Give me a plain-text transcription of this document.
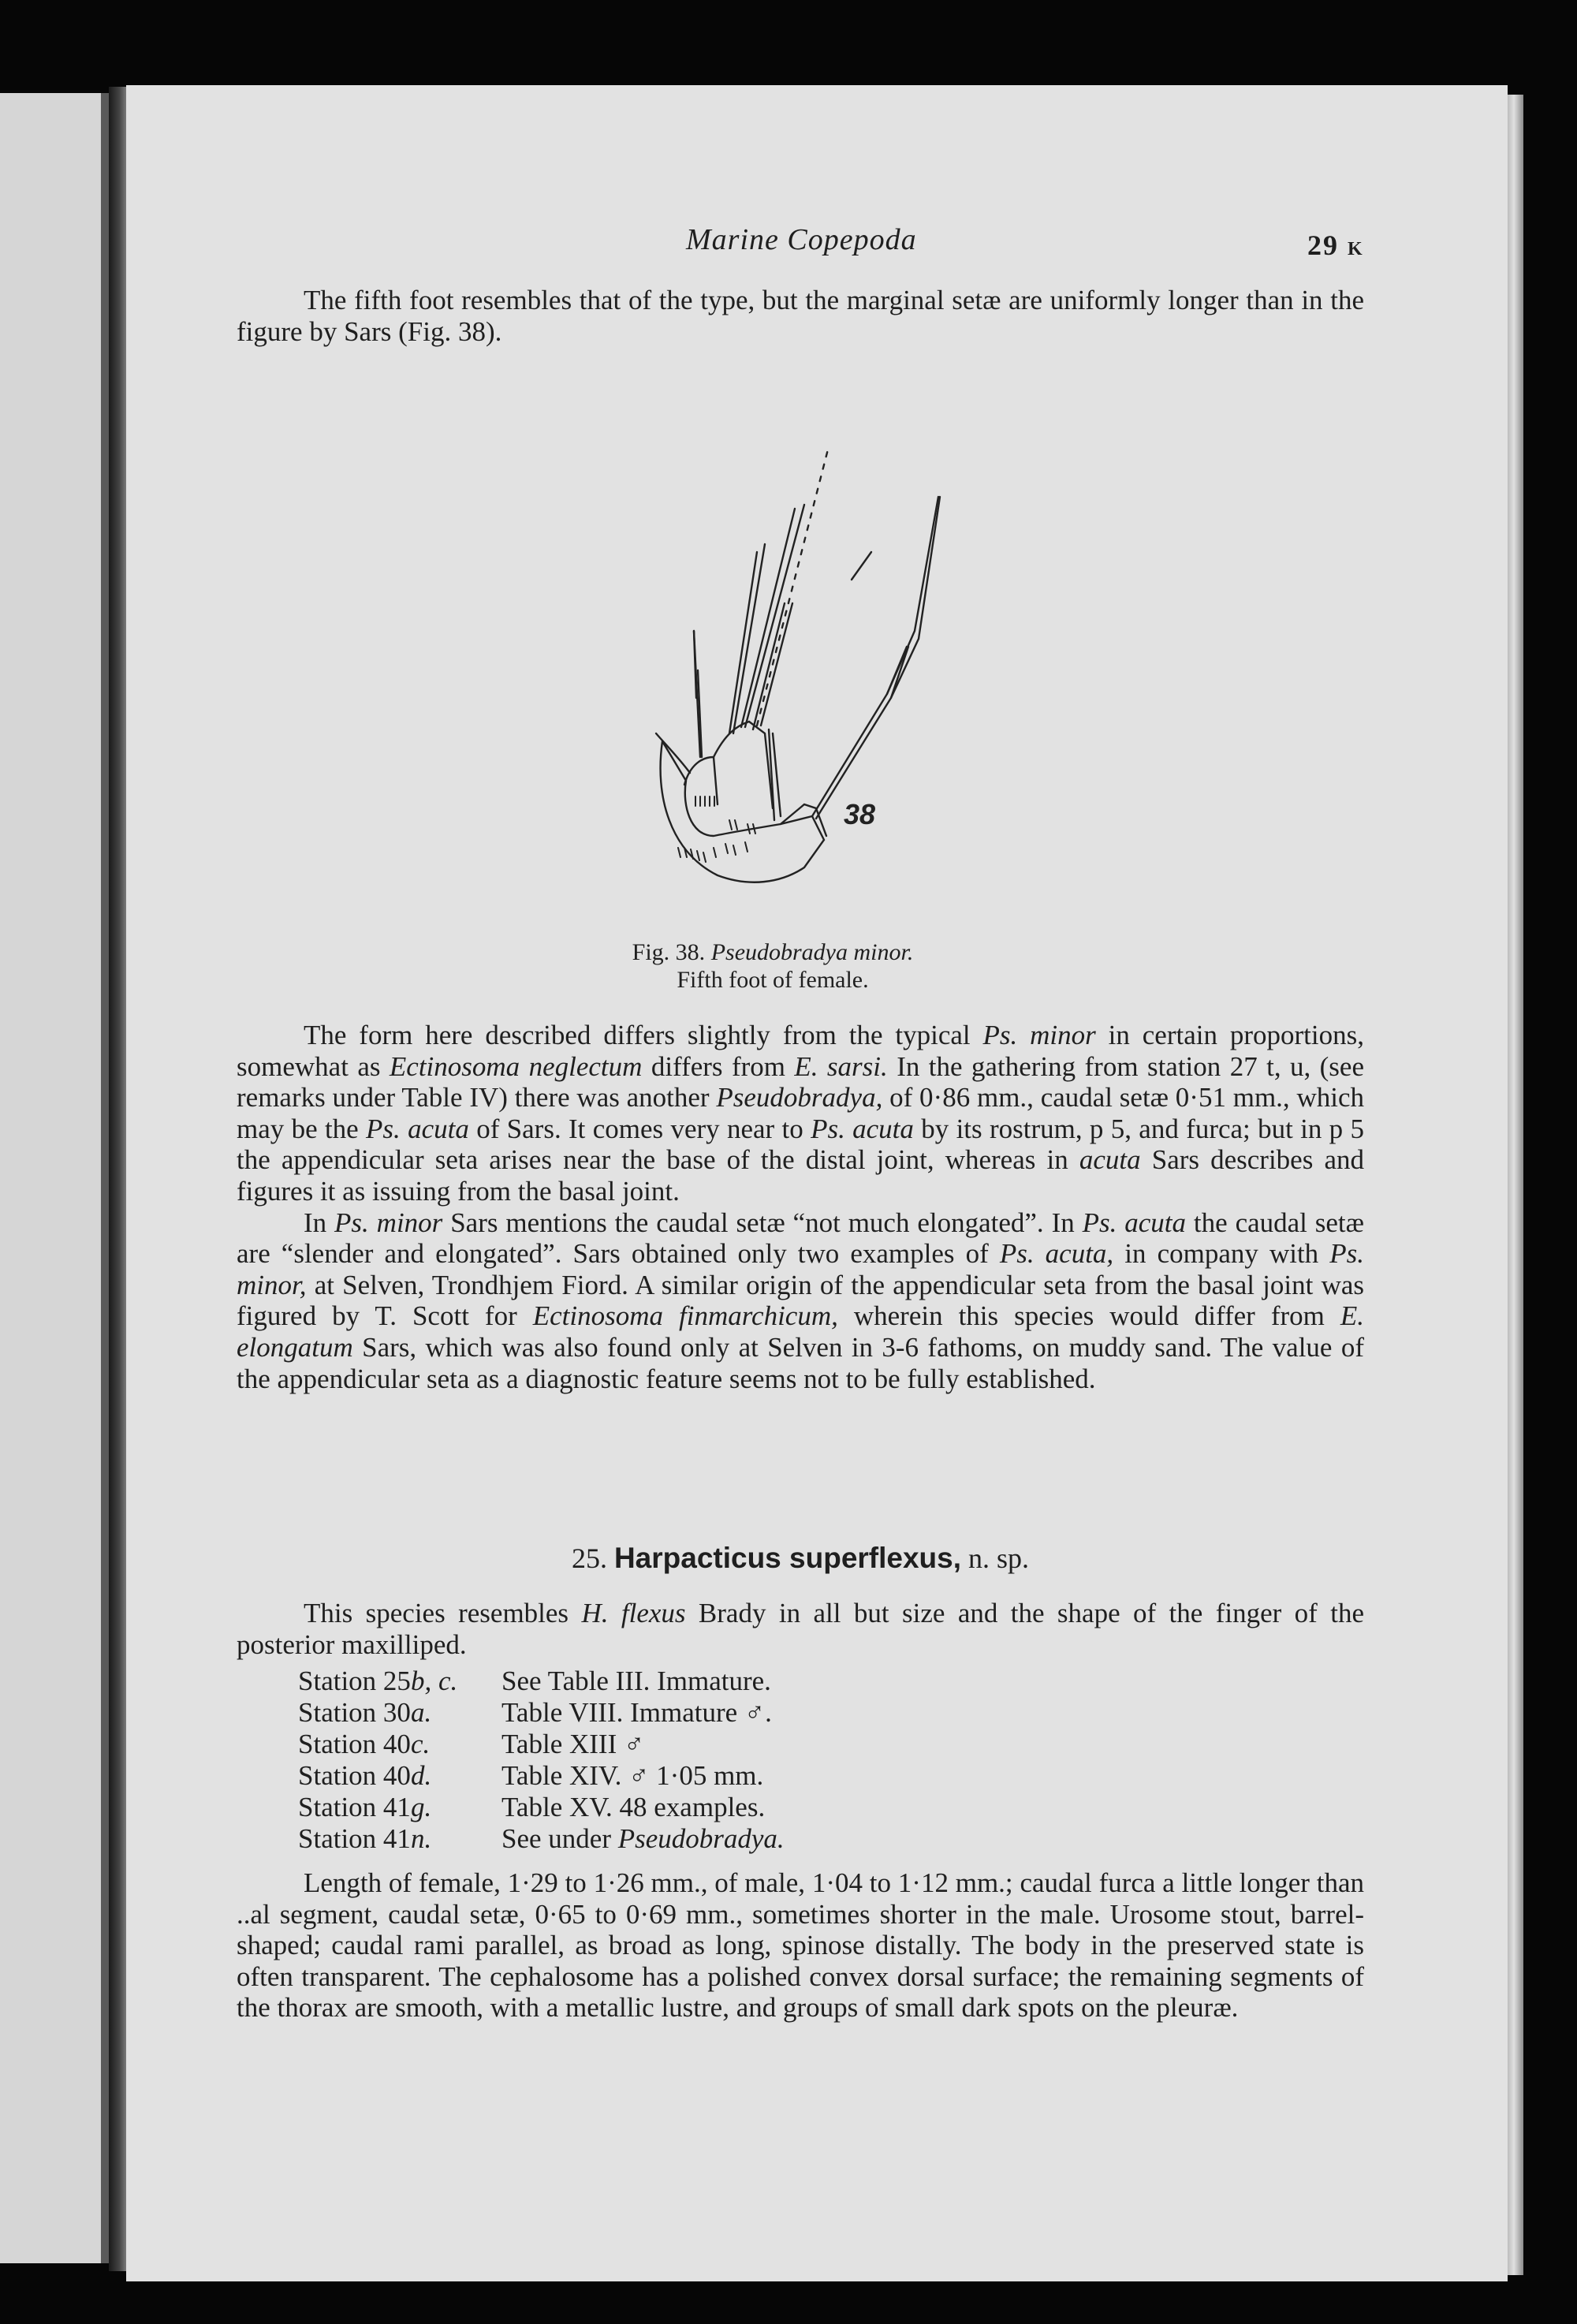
Marine Copepoda	29 K

The fifth foot resembles that of the type, but the marginal setæ are uniformly longer than in the figure by Sars (Fig. 38).

38
Fig. 38. Pseudobradya minor.
Fifth foot of female.

The form here described differs slightly from the typical Ps. minor in certain proportions, somewhat as Ectinosoma neglectum differs from E. sarsi. In the gathering from station 27 t, u, (see remarks under Table IV) there was another Pseudobradya, of 0·86 mm., caudal setæ 0·51 mm., which may be the Ps. acuta of Sars. It comes very near to Ps. acuta by its rostrum, p 5, and furca; but in p 5 the appendicular seta arises near the base of the distal joint, whereas in acuta Sars describes and figures it as issuing from the basal joint.
In Ps. minor Sars mentions the caudal setæ “not much elongated”. In Ps. acuta the caudal setæ are “slender and elongated”. Sars obtained only two examples of Ps. acuta, in company with Ps. minor, at Selven, Trondhjem Fiord. A similar origin of the appendicular seta from the basal joint was figured by T. Scott for Ectinosoma finmarchicum, wherein this species would differ from E. elongatum Sars, which was also found only at Selven in 3-6 fathoms, on muddy sand. The value of the appendicular seta as a diagnostic feature seems not to be fully established.

25. Harpacticus superflexus, n. sp.

This species resembles H. flexus Brady in all but size and the shape of the finger of the posterior maxilliped.

Station 25b, c.	See Table III. Immature.
Station 30a.	Table VIII. Immature ♂.
Station 40c.	Table XIII ♂
Station 40d.	Table XIV. ♂ 1·05 mm.
Station 41g.	Table XV. 48 examples.
Station 41n.	See under Pseudobradya.

Length of female, 1·29 to 1·26 mm., of male, 1·04 to 1·12 mm.; caudal furca a little longer than ..al segment, caudal setæ, 0·65 to 0·69 mm., sometimes shorter in the male. Urosome stout, barrel-shaped; caudal rami parallel, as broad as long, spinose distally. The body in the preserved state is often transparent. The cephalosome has a polished convex dorsal surface; the remaining segments of the thorax are smooth, with a metallic lustre, and groups of small dark spots on the pleuræ.
